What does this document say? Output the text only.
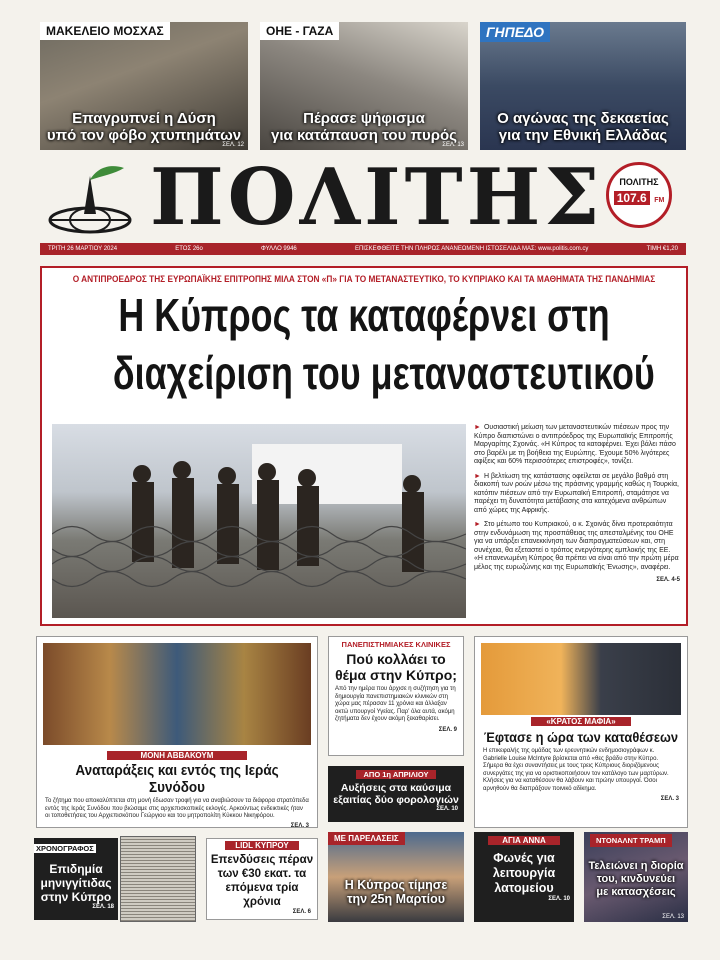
ΜΑΚΕΛΕΙΟ ΜΟΣΧΑΣ
Επαγρυπνεί η Δύση
υπό τον φόβο χτυπημάτων
ΣΕΛ. 12
ΟΗΕ - ΓΑΖΑ
Πέρασε ψήφισμα
για κατάπαυση του πυρός
ΣΕΛ. 13
ΓΗΠΕΔΟ
Ο αγώνας της δεκαετίας
για την Εθνική Ελλάδας
ΠΟΛΙΤΗΣ	ΠΟΛΙΤΗΣ
107.6 FM
ΤΡΙΤΗ 26 ΜΑΡΤΙΟΥ 2024	ΕΤΟΣ 26ο	ΦΥΛΛΟ 9946	ΕΠΙΣΚΕΦΘΕΙΤΕ ΤΗΝ ΠΛΗΡΩΣ ΑΝΑΝΕΩΜΕΝΗ ΙΣΤΟΣΕΛΙΔΑ ΜΑΣ: www.politis.com.cy	ΤΙΜΗ €1,20
Ο ΑΝΤΙΠΡΟΕΔΡΟΣ ΤΗΣ ΕΥΡΩΠΑΪΚΗΣ ΕΠΙΤΡΟΠΗΣ ΜΙΛΑ ΣΤΟΝ «Π» ΓΙΑ ΤΟ ΜΕΤΑΝΑΣΤΕΥΤΙΚΟ, ΤΟ ΚΥΠΡΙΑΚΟ ΚΑΙ ΤΑ ΜΑΘΗΜΑΤΑ ΤΗΣ ΠΑΝΔΗΜΙΑΣ
Η Κύπρος τα καταφέρνει στη
διαχείριση του μεταναστευτικού

► Ουσιαστική μείωση των μεταναστευτικών πιέσεων προς την Κύπρο διαπιστώνει ο αντιπρόεδρος της Ευρωπαϊκής Επιτροπής Μαργαρίτης Σχοινάς. «Η Κύπρος τα καταφέρνει. Έχει βάλει πάσο στο βαρέλι με τη βοήθεια της Ευρώπης. Έχουμε 50% λιγότερες αφίξεις και 60% περισσότερες επιστροφές», τονίζει.

► Η βελτίωση της κατάστασης οφείλεται σε μεγάλο βαθμό στη διακοπή των ροών μέσω της πράσινης γραμμής καθώς η Τουρκία, κατόπιν πιέσεων από την Ευρωπαϊκή Επιτροπή, σταμάτησε να παρέχει τη δυνατότητα μετάβασης στα κατεχόμενα ανθρώπων από χώρες της Αφρικής.

► Στο μέτωπο του Κυπριακού, ο κ. Σχοινάς δίνει προτεραιότητα στην ενδυνάμωση της προσπάθειας της απεσταλμένης του ΟΗΕ για να υπάρξει επανεκκίνηση των διαπραγματεύσεων και, στη συνέχεια, θα εξεταστεί ο τρόπος ενεργότερης εμπλοκής της ΕΕ. «Η επανενωμένη Κύπρος θα πρέπει να είναι από την πρώτη μέρα μέλος της ευρωζώνης και της Ευρωπαϊκής Ένωσης», αναφέρει.

ΣΕΛ. 4-5
ΜΟΝΗ ΑΒΒΑΚΟΥΜ
Αναταράξεις και εντός της Ιεράς Συνόδου
Το ζήτημα που αποκαλύπτεται στη μονή έδωσαν τροφή για να αναβιώσουν τα διάφορα στρατόπεδα εντός της Ιεράς Συνόδου που βιώσαμε στις αρχιεπισκοπικές εκλογές. Αρκούντως ενδεικτικές ήταν οι τοποθετήσεις του Αρχιεπισκόπου Γεώργιου και του μητροπολίτη Κύκκου Νικηφόρου.
ΣΕΛ. 3
ΠΑΝΕΠΙΣΤΗΜΙΑΚΕΣ ΚΛΙΝΙΚΕΣ
Πού κολλάει το
θέμα στην Κύπρο;
Από την ημέρα που άρχισε η συζήτηση για τη δημιουργία πανεπιστημιακών κλινικών στη χώρα μας πέρασαν 11 χρόνια και άλλαξαν οκτώ υπουργοί Υγείας. Παρ' όλα αυτά, ακόμη ζητήματα δεν έχουν ακόμη ξεκαθαρίσει.
ΣΕΛ. 9
ΑΠΟ 1η ΑΠΡΙΛΙΟΥ
Αυξήσεις στα καύσιμα
εξαιτίας δύο φορολογιών
ΣΕΛ. 10
«ΚΡΑΤΟΣ ΜΑΦΙΑ»
Έφτασε η ώρα των καταθέσεων
Η επικεφαλής της ομάδας των ερευνητικών ενδημοσιογράφων κ. Gabrielle Louise McIntyre βρίσκεται από «θες βράδυ στην Κύπρο. Σήμερα θα έχει συναντήσεις με τους τρεις Κύπριους διοριζόμενους συνεργάτες της για να οριστικοποιήσουν τον κατάλογο των μαρτύρων. Κλήσεις για να καταθέσουν θα λάβουν και πρώην υπουργοί. Όσοι αρνηθούν θα διαπράξουν ποινικό αδίκημα.
ΣΕΛ. 3
ΧΡΟΝΟΓΡΑΦΟΣ
Επιδημία
μηνιγγίτιδας
στην Κύπρο
ΣΕΛ. 18
LIDL ΚΥΠΡΟΥ
Επενδύσεις πέραν
των €30 εκατ. τα
επόμενα τρία χρόνια
ΣΕΛ. 6
ΜΕ ΠΑΡΕΛΑΣΕΙΣ
Η Κύπρος τίμησε
την 25η Μαρτίου
ΑΓΙΑ ΑΝΝΑ
Φωνές για
λειτουργία
λατομείου
ΣΕΛ. 10
ΝΤΟΝΑΛΝΤ ΤΡΑΜΠ
Τελειώνει η διορία
του, κινδυνεύει
με κατασχέσεις
ΣΕΛ. 13
